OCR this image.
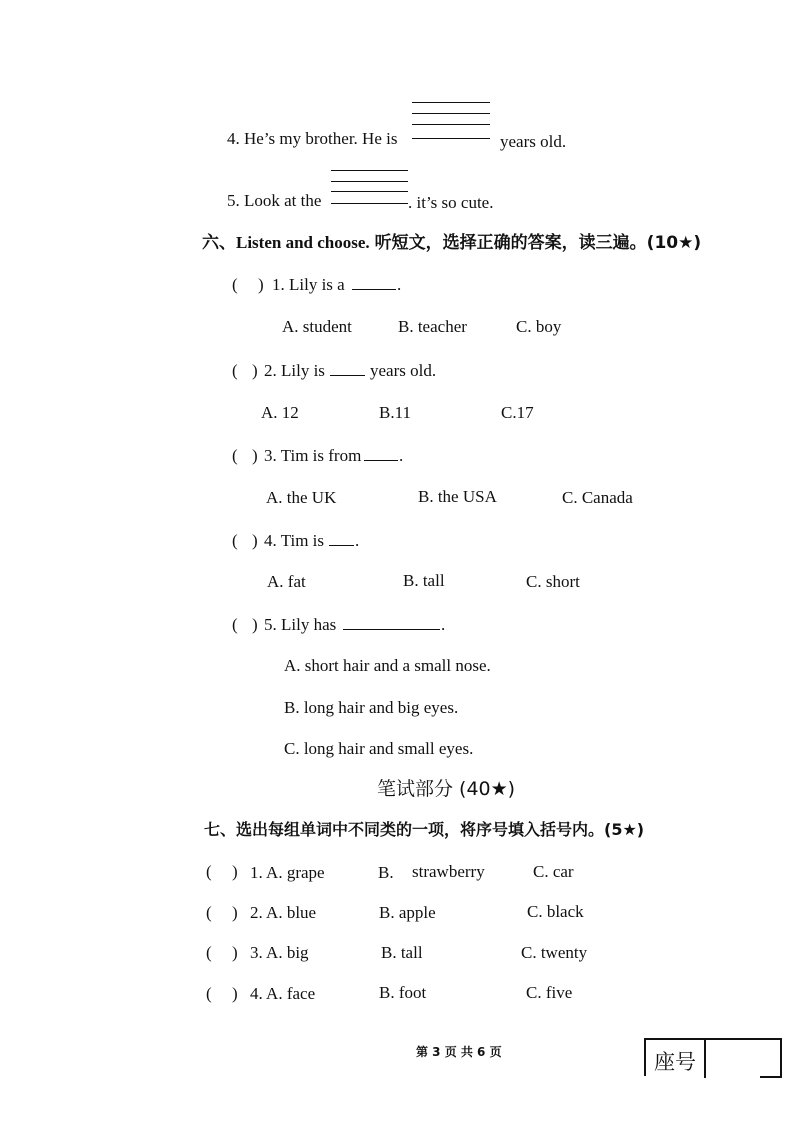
4. He’s my brother. He is	years old.
5. Look at the	. it’s so cute.
六、Listen and choose. 听短文，选择正确的答案，读三遍。(10★)
( ) 1. Lily is a	.
A. student	B. teacher	C. boy
( ) 2. Lily is	years old.
A. 12	B.11	C.17
( ) 3. Tim is from .
A. the UK	B. the USA	C. Canada
( ) 4. Tim is .
A. fat	B. tall	C. short
( ) 5. Lily has	.
A. short hair and a small nose.
B. long hair and big eyes.
C. long hair and small eyes.
笔试部分 (40★)
七、选出每组单词中不同类的一项，将序号填入括号内。(5★)
( ) 1. A. grape	B. strawberry	C. car
( ) 2. A. blue	B. apple	C. black
( ) 3. A. big	B. tall	C. twenty
( ) 4. A. face	B. foot	C. five
第 3 页 共 6 页	座号
